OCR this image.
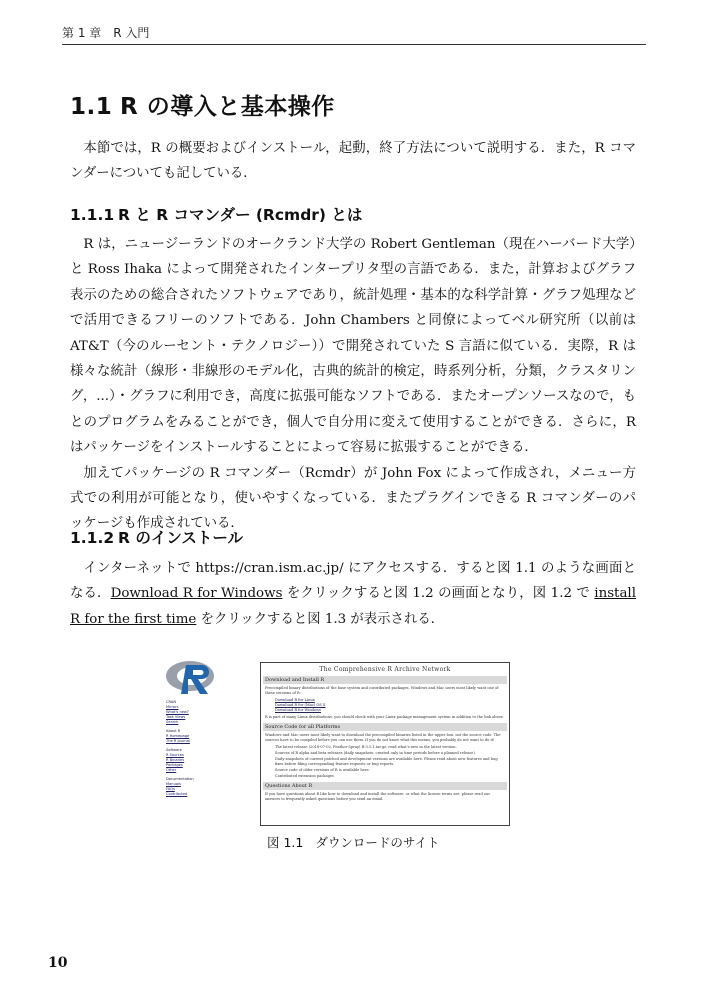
第 1 章　R 入門
1.1 R の導入と基本操作

本節では，R の概要およびインストール，起動，終了方法について説明する．また，R コマンダーについても記している．

1.1.1 R と R コマンダー (Rcmdr) とは

R は，ニュージーランドのオークランド大学の Robert Gentleman（現在ハーバード大学）と Ross Ihaka によって開発されたインタープリタ型の言語である．また，計算およびグラフ表示のための総合されたソフトウェアであり，統計処理・基本的な科学計算・グラフ処理などで活用できるフリーのソフトである．John Chambers と同僚によってベル研究所（以前は AT&T（今のルーセント・テクノロジー））で開発されていた S 言語に似ている．実際，R は様々な統計（線形・非線形のモデル化，古典的統計的検定，時系列分析，分類，クラスタリング，...）・グラフに利用でき，高度に拡張可能なソフトである．またオープンソースなので，もとのプログラムをみることができ，個人で自分用に変えて使用することができる．さらに，R はパッケージをインストールすることによって容易に拡張することができる．

加えてパッケージの R コマンダー（Rcmdr）が John Fox によって作成され，メニュー方式での利用が可能となり，使いやすくなっている．またプラグインできる R コマンダーのパッケージも作成されている．

1.1.2 R のインストール

インターネットで https://cran.ism.ac.jp/ にアクセスする．すると図 1.1 のような画面となる．Download R for Windows をクリックすると図 1.2 の画面となり，図 1.2 で install R for the first time をクリックすると図 1.3 が表示される．

CRAN
Mirrors
What's new?
Task Views
Search
About R
R Homepage
The R Journal
Software
R Sources
R Binaries
Packages
Other
Documentation
Manuals
FAQs
Contributed
The Comprehensive R Archive Network
Download and Install R
Precompiled binary distributions of the base system and contributed packages, Windows and Mac users most likely want one of these versions of R:
Download R for Linux
Download R for (Mac) OS X
Download R for Windows
R is part of many Linux distributions, you should check with your Linux package management system in addition to the link above.
Source Code for all Platforms
Windows and Mac users most likely want to download the precompiled binaries listed in the upper box, not the source code. The sources have to be compiled before you can use them. If you do not know what this means, you probably do not want to do it!
The latest release (2018-07-02, Feather Spray) R-3.5.1.tar.gz, read what's new in the latest version.
Sources of R alpha and beta releases (daily snapshots, created only in time periods before a planned release).
Daily snapshots of current patched and development versions are available here. Please read about new features and bug fixes before filing corresponding feature requests or bug reports.
Source code of older versions of R is available here.
Contributed extension packages
Questions About R
If you have questions about R like how to download and install the software, or what the license terms are, please read our answers to frequently asked questions before you send an email.
図 1.1 ダウンロードのサイト
10
